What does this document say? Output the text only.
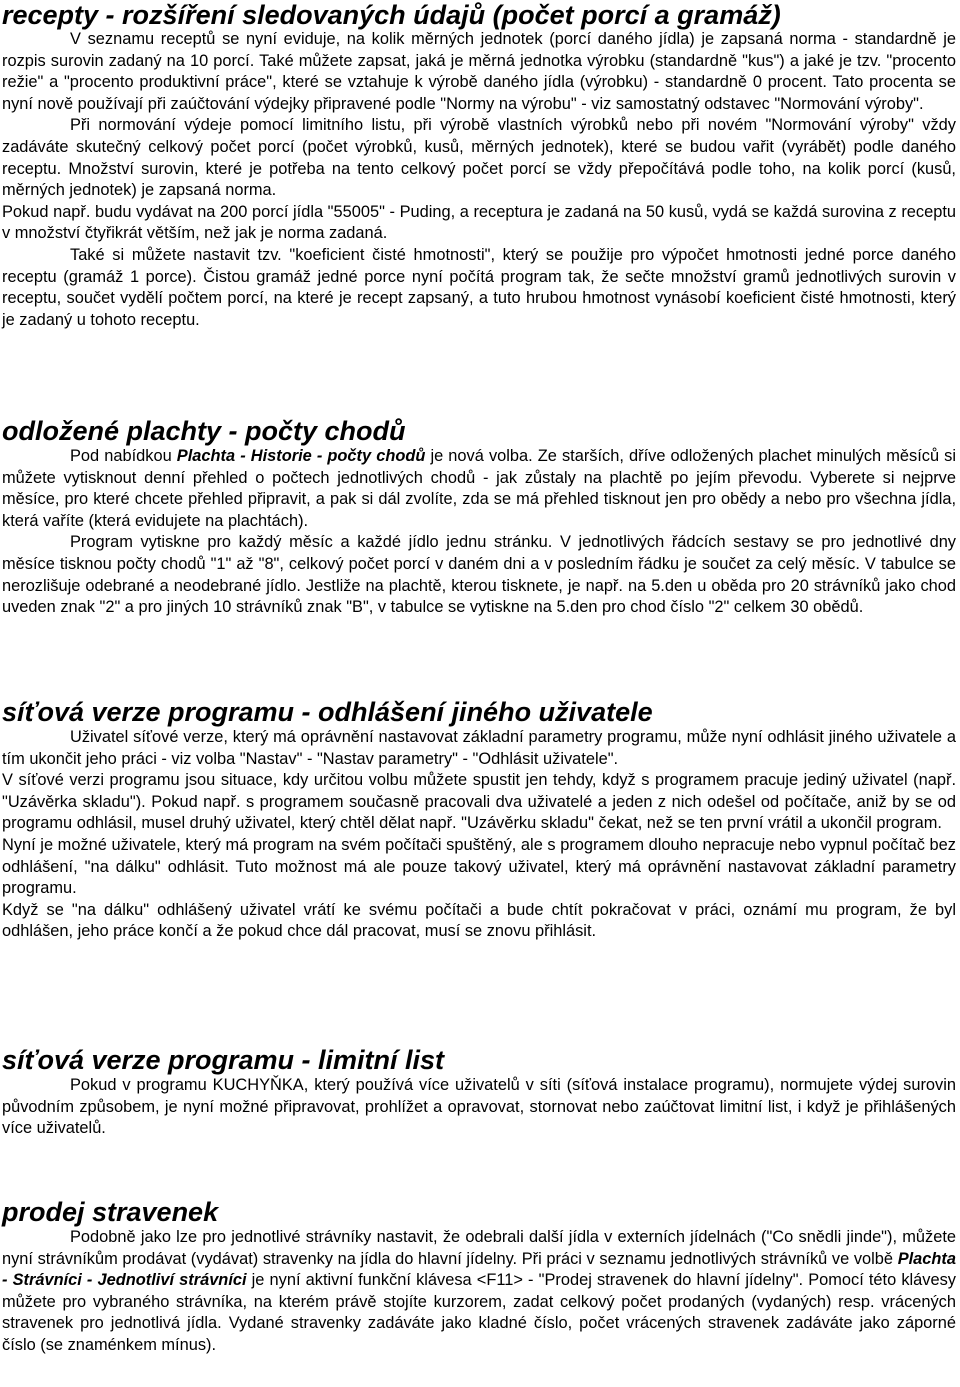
recepty - rozšíření sledovaných údajů (počet porcí a gramáž)

V seznamu receptů se nyní eviduje, na kolik měrných jednotek (porcí daného jídla) je zapsaná norma - standardně je rozpis surovin zadaný na 10 porcí. Také můžete zapsat, jaká je měrná jednotka výrobku (standardně "kus") a jaké je tzv. "procento režie" a "procento produktivní práce", které se vztahuje k výrobě daného jídla (výrobku) - standardně 0 procent. Tato procenta se nyní nově používají při zaúčtování výdejky připravené podle "Normy na výrobu" - viz samostatný odstavec "Normování výroby".

Při normování výdeje pomocí limitního listu, při výrobě vlastních výrobků nebo při novém "Normování výroby" vždy zadáváte skutečný celkový počet porcí (počet výrobků, kusů, měrných jednotek), které se budou vařit (vyrábět) podle daného receptu. Množství surovin, které je potřeba na tento celkový počet porcí se vždy přepočítává podle toho, na kolik porcí (kusů, měrných jednotek) je zapsaná norma.

Pokud např. budu vydávat na 200 porcí jídla "55005" - Puding, a receptura je zadaná na 50 kusů, vydá se každá surovina z receptu v množství čtyřikrát větším, než jak je norma zadaná.

Také si můžete nastavit tzv. "koeficient čisté hmotnosti", který se použije pro výpočet hmotnosti jedné porce daného receptu (gramáž 1 porce). Čistou gramáž jedné porce nyní počítá program tak, že sečte množství gramů jednotlivých surovin v receptu, součet vydělí počtem porcí, na které je recept zapsaný, a tuto hrubou hmotnost vynásobí koeficient čisté hmotnosti, který je zadaný u tohoto receptu.

odložené plachty - počty chodů

Pod nabídkou Plachta - Historie - počty chodů je nová volba. Ze starších, dříve odložených plachet minulých měsíců si můžete vytisknout denní přehled o počtech jednotlivých chodů - jak zůstaly na plachtě po jejím převodu. Vyberete si nejprve měsíce, pro které chcete přehled připravit, a pak si dál zvolíte, zda se má přehled tisknout jen pro obědy a nebo pro všechna jídla, která vaříte (která evidujete na plachtách).

Program vytiskne pro každý měsíc a každé jídlo jednu stránku. V jednotlivých řádcích sestavy se pro jednotlivé dny měsíce tisknou počty chodů "1" až "8", celkový počet porcí v daném dni a v posledním řádku je součet za celý měsíc. V tabulce se nerozlišuje odebrané a neodebrané jídlo. Jestliže na plachtě, kterou tisknete, je např. na 5.den u oběda pro 20 strávníků jako chod uveden znak "2" a pro jiných 10 strávníků znak "B", v tabulce se vytiskne na 5.den pro chod číslo "2" celkem 30 obědů.

síťová verze programu - odhlášení jiného uživatele

Uživatel síťové verze, který má oprávnění nastavovat základní parametry programu, může nyní odhlásit jiného uživatele a tím ukončit jeho práci - viz volba "Nastav" - "Nastav parametry" - "Odhlásit uživatele".

V síťové verzi programu jsou situace, kdy určitou volbu můžete spustit jen tehdy, když s programem pracuje jediný uživatel (např. "Uzávěrka skladu"). Pokud např. s programem současně pracovali dva uživatelé a jeden z nich odešel od počítače, aniž by se od programu odhlásil, musel druhý uživatel, který chtěl dělat např. "Uzávěrku skladu" čekat, než se ten první vrátil a ukončil program.

Nyní je možné uživatele, který má program na svém počítači spuštěný, ale s programem dlouho nepracuje nebo vypnul počítač bez odhlášení, "na dálku" odhlásit. Tuto možnost má ale pouze takový uživatel, který má oprávnění nastavovat základní parametry programu.

Když se "na dálku" odhlášený uživatel vrátí ke svému počítači a bude chtít pokračovat v práci, oznámí mu program, že byl odhlášen, jeho práce končí a že pokud chce dál pracovat, musí se znovu přihlásit.

síťová verze programu - limitní list

Pokud v programu KUCHYŇKA, který používá více uživatelů v síti (síťová instalace programu), normujete výdej surovin původním způsobem, je nyní možné připravovat, prohlížet a opravovat, stornovat nebo zaúčtovat limitní list, i když je přihlášených více uživatelů.

prodej stravenek

Podobně jako lze pro jednotlivé strávníky nastavit, že odebrali další jídla v externích jídelnách ("Co snědli jinde"), můžete nyní strávníkům prodávat (vydávat) stravenky na jídla do hlavní jídelny. Při práci v seznamu jednotlivých strávníků ve volbě Plachta - Strávníci - Jednotliví strávníci je nyní aktivní funkční klávesa <F11> - "Prodej stravenek do hlavní jídelny". Pomocí této klávesy můžete pro vybraného strávníka, na kterém právě stojíte kurzorem, zadat celkový počet prodaných (vydaných) resp. vrácených stravenek pro jednotlivá jídla. Vydané stravenky zadáváte jako kladné číslo, počet vrácených stravenek zadáváte jako záporné číslo (se znaménkem mínus).
